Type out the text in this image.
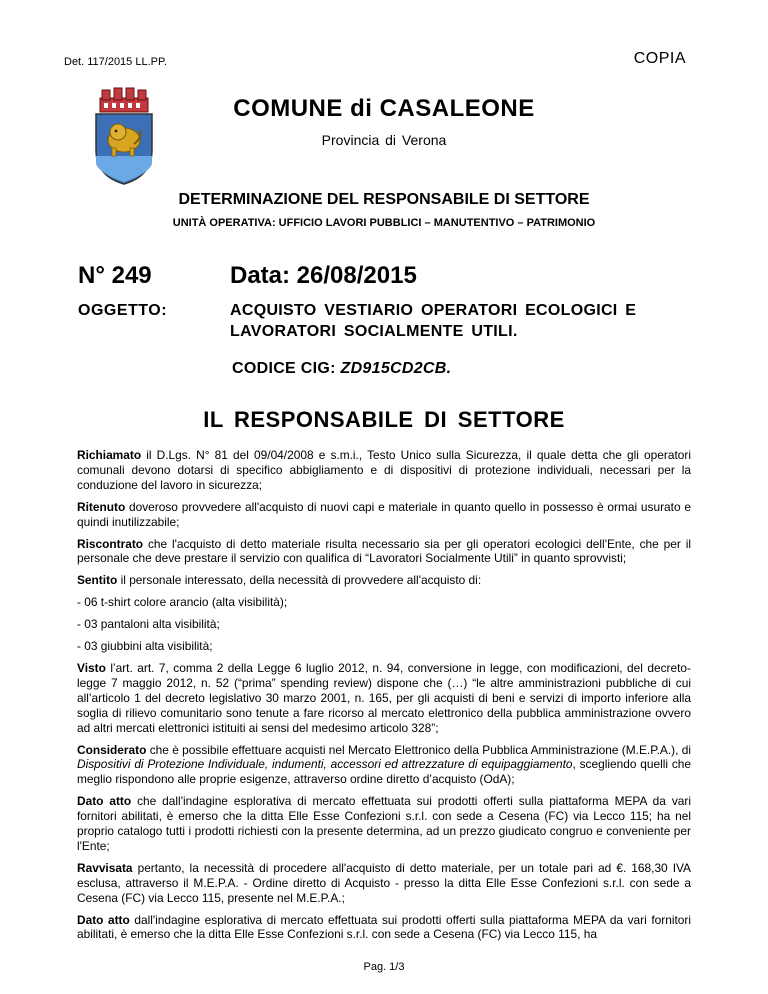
Det. 117/2015 LL.PP.	COPIA
COMUNE di CASALEONE
Provincia di Verona
DETERMINAZIONE DEL RESPONSABILE DI SETTORE
UNITÀ OPERATIVA: UFFICIO LAVORI PUBBLICI – MANUTENTIVO – PATRIMONIO
N° 249	Data: 26/08/2015
OGGETTO:	ACQUISTO VESTIARIO OPERATORI ECOLOGICI E
LAVORATORI SOCIALMENTE UTILI.
CODICE CIG: ZD915CD2CB.
IL RESPONSABILE DI SETTORE

Richiamato il D.Lgs. N° 81 del 09/04/2008 e s.m.i., Testo Unico sulla Sicurezza, il quale detta che gli operatori comunali devono dotarsi di specifico abbigliamento e di dispositivi di protezione individuali, necessari per la conduzione del lavoro in sicurezza;

Ritenuto doveroso provvedere all'acquisto di nuovi capi e materiale in quanto quello in possesso è ormai usurato e quindi inutilizzabile;

Riscontrato che l'acquisto di detto materiale risulta necessario sia per gli operatori ecologici dell'Ente, che per il personale che deve prestare il servizio con qualifica di “Lavoratori Socialmente Utili” in quanto sprovvisti;

Sentito il personale interessato, della necessità di provvedere all'acquisto di:

- 06 t-shirt colore arancio (alta visibilità);

- 03 pantaloni alta visibilità;

- 03 giubbini alta visibilità;

Visto l’art. art. 7, comma 2 della Legge 6 luglio 2012, n. 94, conversione in legge, con modificazioni, del decreto-legge 7 maggio 2012, n. 52 (“prima” spending review) dispone che (…) “le altre amministrazioni pubbliche di cui all’articolo 1 del decreto legislativo 30 marzo 2001, n. 165, per gli acquisti di beni e servizi di importo inferiore alla soglia di rilievo comunitario sono tenute a fare ricorso al mercato elettronico della pubblica amministrazione ovvero ad altri mercati elettronici istituiti ai sensi del medesimo articolo 328”;

Considerato che è possibile effettuare acquisti nel Mercato Elettronico della Pubblica Amministrazione (M.E.P.A.), di Dispositivi di Protezione Individuale, indumenti, accessori ed attrezzature di equipaggiamento, scegliendo quelli che meglio rispondono alle proprie esigenze, attraverso ordine diretto d’acquisto (OdA);

Dato atto che dall'indagine esplorativa di mercato effettuata sui prodotti offerti sulla piattaforma MEPA da vari fornitori abilitati, è emerso che la ditta Elle Esse Confezioni s.r.l. con sede a Cesena (FC) via Lecco 115; ha nel proprio catalogo tutti i prodotti richiesti con la presente determina, ad un prezzo giudicato congruo e conveniente per l'Ente;

Ravvisata pertanto, la necessità di procedere all'acquisto di detto materiale, per un totale pari ad €. 168,30 IVA esclusa, attraverso il M.E.P.A. - Ordine diretto di Acquisto - presso la ditta Elle Esse Confezioni s.r.l. con sede a Cesena (FC) via Lecco 115, presente nel M.E.P.A.;

Dato atto dall'indagine esplorativa di mercato effettuata sui prodotti offerti sulla piattaforma MEPA da vari fornitori abilitati, è emerso che la ditta Elle Esse Confezioni s.r.l. con sede a Cesena (FC) via Lecco 115, ha

Pag. 1/3
